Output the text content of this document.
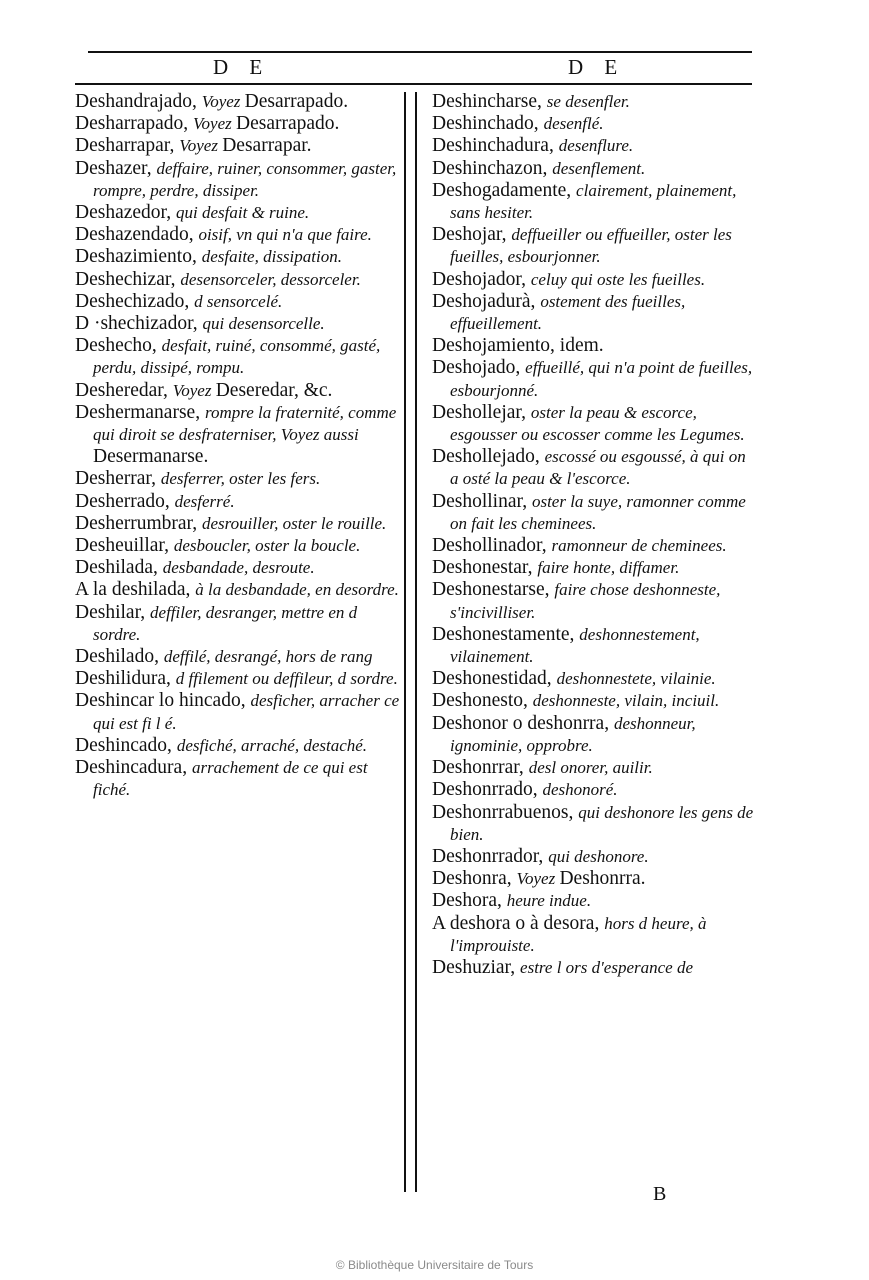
D E	D E

Deshandrajado, Voyez Desarrapado.

Desharrapado, Voyez Desarrapado.

Desharrapar, Voyez Desarrapar.

Deshazer, deffaire, ruiner, consommer, gaster, rompre, perdre, dissiper.

Deshazedor, qui desfait & ruine.

Deshazendado, oisif, vn qui n'a que faire.

Deshazimiento, desfaite, dissipation.

Deshechizar, desensorceler, dessorceler.

Deshechizado, d sensorcelé.

D ·shechizador, qui desensorcelle.

Deshecho, desfait, ruiné, consommé, gasté, perdu, dissipé, rompu.

Desheredar, Voyez Deseredar, &c.

Deshermanarse, rompre la fraternité, comme qui diroit se desfraterniser, Voyez aussi Desermanarse.

Desherrar, desferrer, oster les fers.

Desherrado, desferré.

Desherrumbrar, desrouiller, oster le rouille.

Desheuillar, desboucler, oster la boucle.

Deshilada, desbandade, desroute.

A la deshilada, à la desbandade, en desordre.

Deshilar, deffiler, desranger, mettre en d sordre.

Deshilado, deffilé, desrangé, hors de rang

Deshilidura, d ffilement ou deffileur, d sordre.

Deshincar lo hincado, desficher, arracher ce qui est fi l é.

Deshincado, desfiché, arraché, destaché.

Deshincadura, arrachement de ce qui est fiché.

Deshincharse, se desenfler.

Deshinchado, desenflé.

Deshinchadura, desenflure.

Deshinchazon, desenflement.

Deshogadamente, clairement, plainement, sans hesiter.

Deshojar, deffueiller ou effueiller, oster les fueilles, esbourjonner.

Deshojador, celuy qui oste les fueilles.

Deshojadurà, ostement des fueilles, effueillement.

Deshojamiento, idem.

Deshojado, effueillé, qui n'a point de fueilles, esbourjonné.

Deshollejar, oster la peau & escorce, esgousser ou escosser comme les Legumes.

Deshollejado, escossé ou esgoussé, à qui on a osté la peau & l'escorce.

Deshollinar, oster la suye, ramonner comme on fait les cheminees.

Deshollinador, ramonneur de cheminees.

Deshonestar, faire honte, diffamer.

Deshonestarse, faire chose deshonneste, s'incivilliser.

Deshonestamente, deshonnestement, vilainement.

Deshonestidad, deshonnestete, vilainie.

Deshonesto, deshonneste, vilain, inciuil.

Deshonor o deshonrra, deshonneur, ignominie, opprobre.

Deshonrrar, desl onorer, auilir.

Deshonrrado, deshonoré.

Deshonrrabuenos, qui deshonore les gens de bien.

Deshonrrador, qui deshonore.

Deshonra, Voyez Deshonrra.

Deshora, heure indue.

A deshora o à desora, hors d heure, à l'improuiste.

Deshuziar, estre l ors d'esperance de

B
© Bibliothèque Universitaire de Tours
